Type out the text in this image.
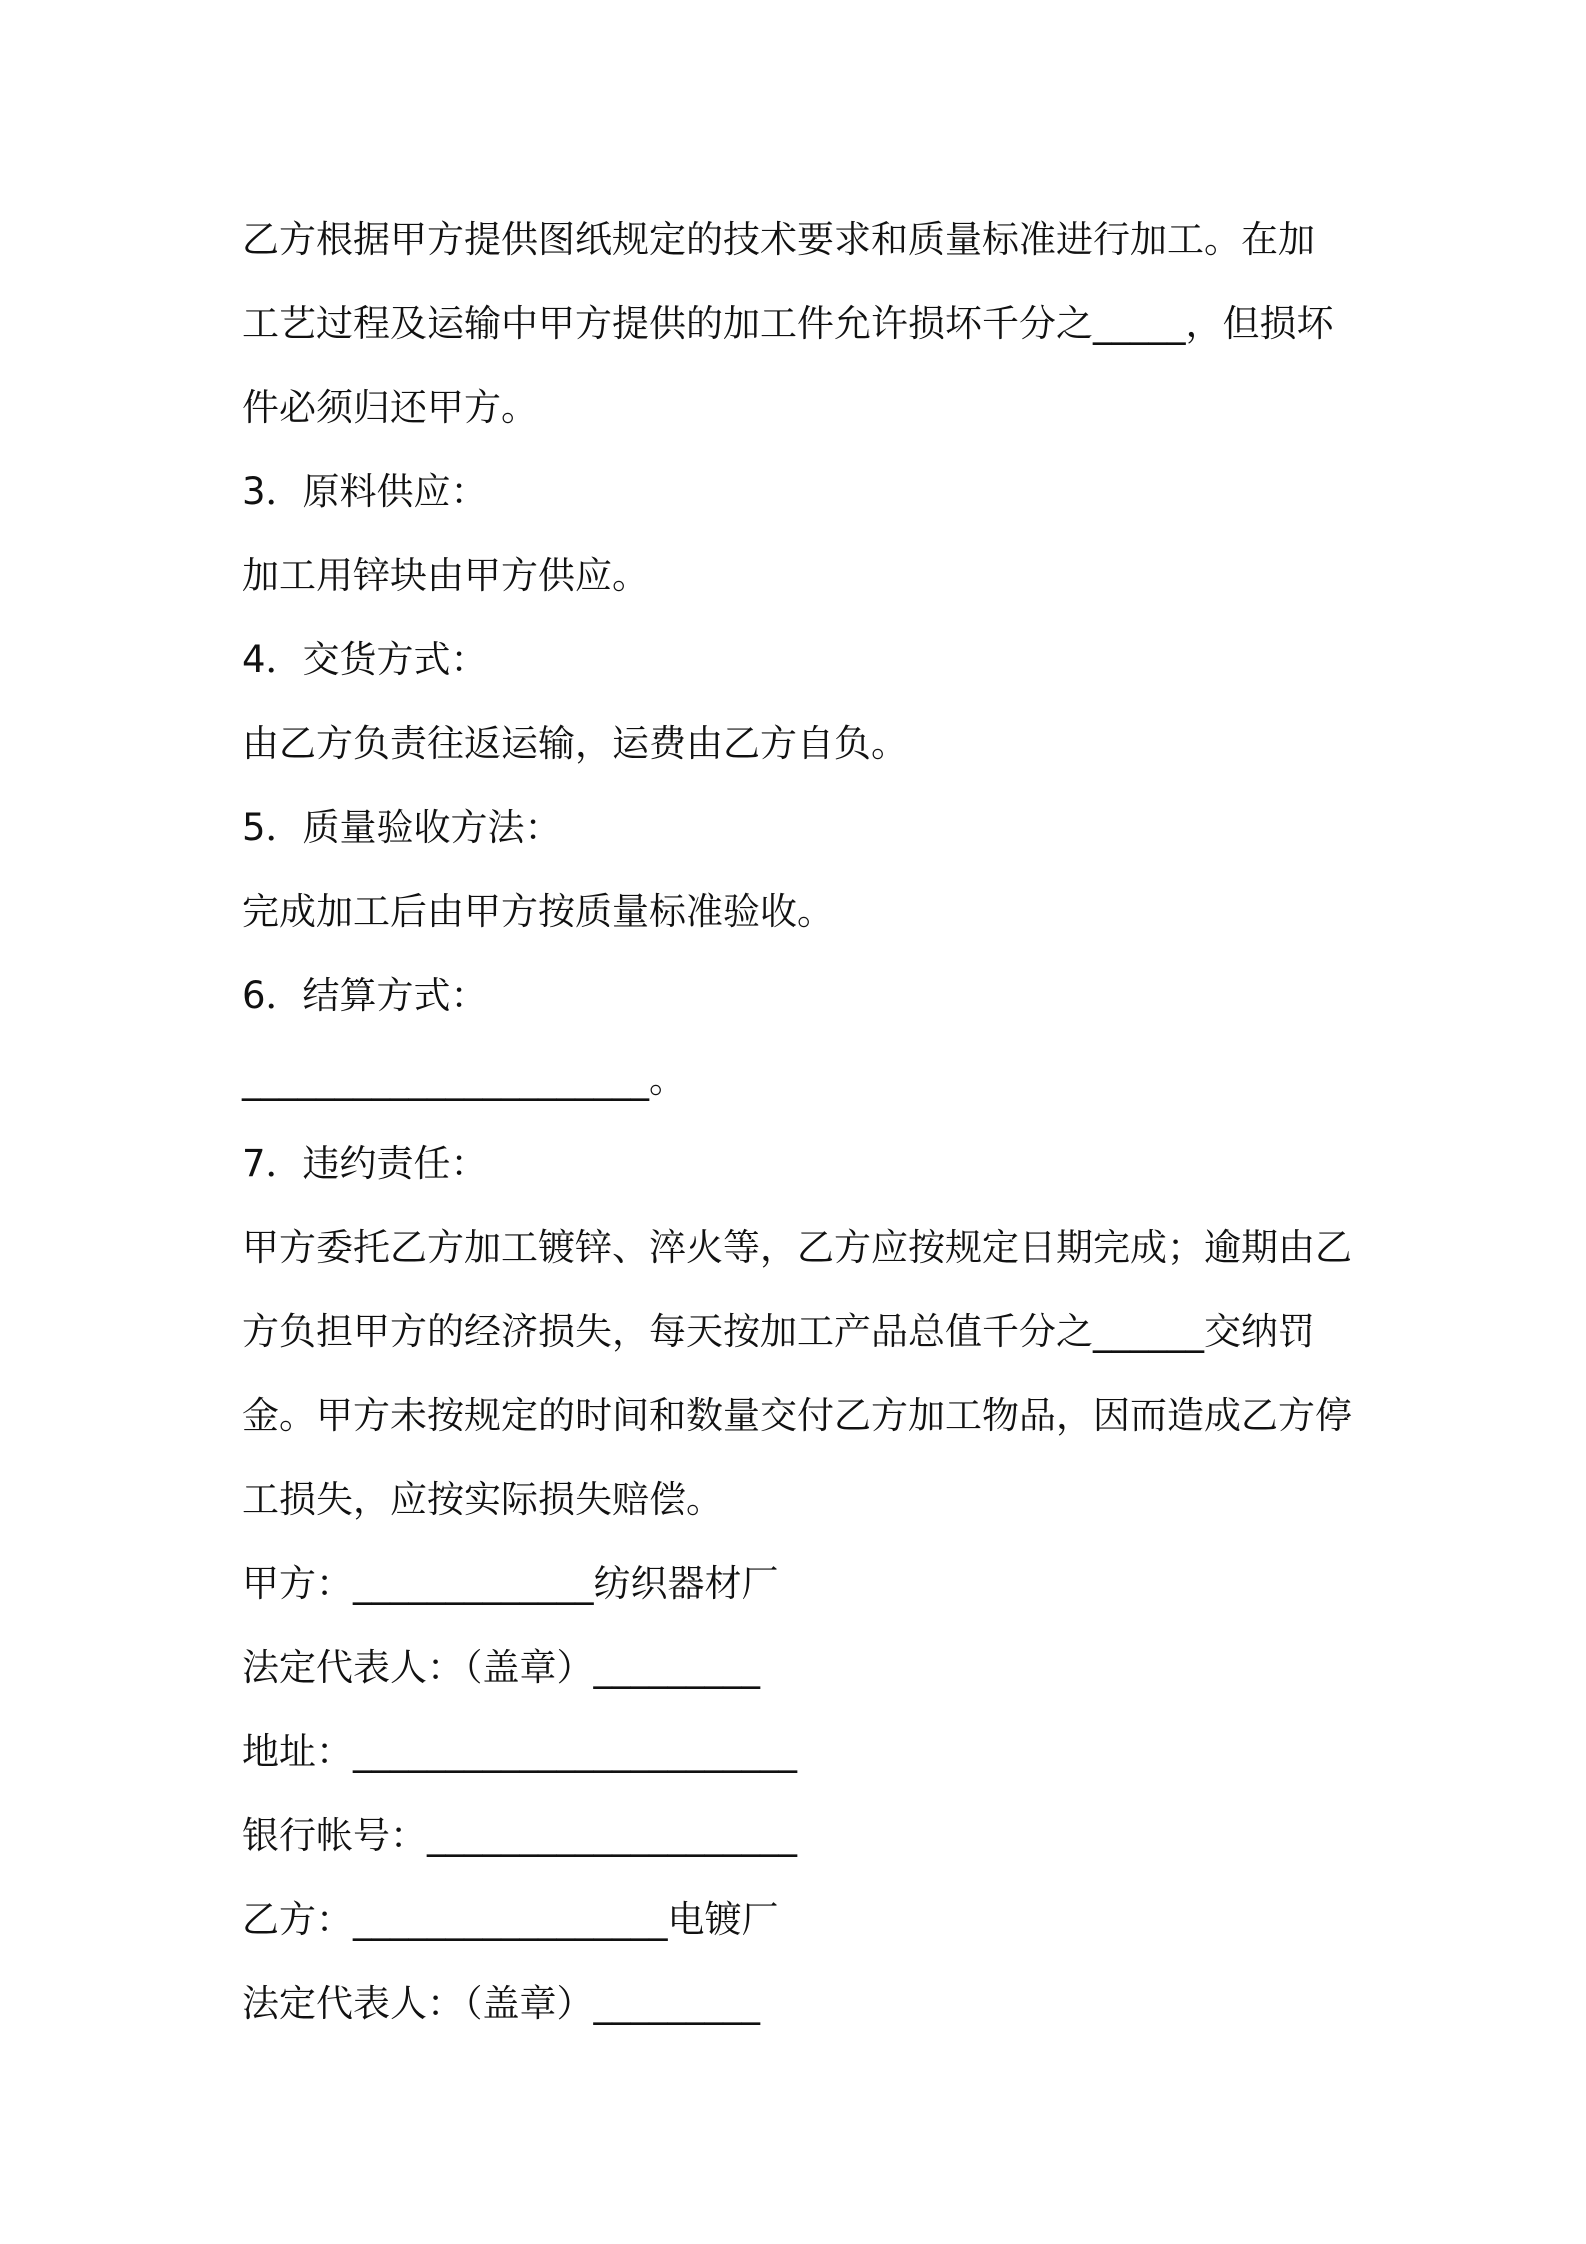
乙方根据甲方提供图纸规定的技术要求和质量标准进行加工。在加
工艺过程及运输中甲方提供的加工件允许损坏千分之_____，但损坏
件必须归还甲方。
3．原料供应：
加工用锌块由甲方供应。
4．交货方式：
由乙方负责往返运输，运费由乙方自负。
5．质量验收方法：
完成加工后由甲方按质量标准验收。
6．结算方式：
______________________。
7．违约责任：
甲方委托乙方加工镀锌、淬火等，乙方应按规定日期完成；逾期由乙
方负担甲方的经济损失，每天按加工产品总值千分之______交纳罚
金。甲方未按规定的时间和数量交付乙方加工物品，因而造成乙方停
工损失，应按实际损失赔偿。
甲方：_____________纺织器材厂
法定代表人：（盖章）_________
地址：________________________
银行帐号：____________________
乙方：_________________电镀厂
法定代表人：（盖章）_________
